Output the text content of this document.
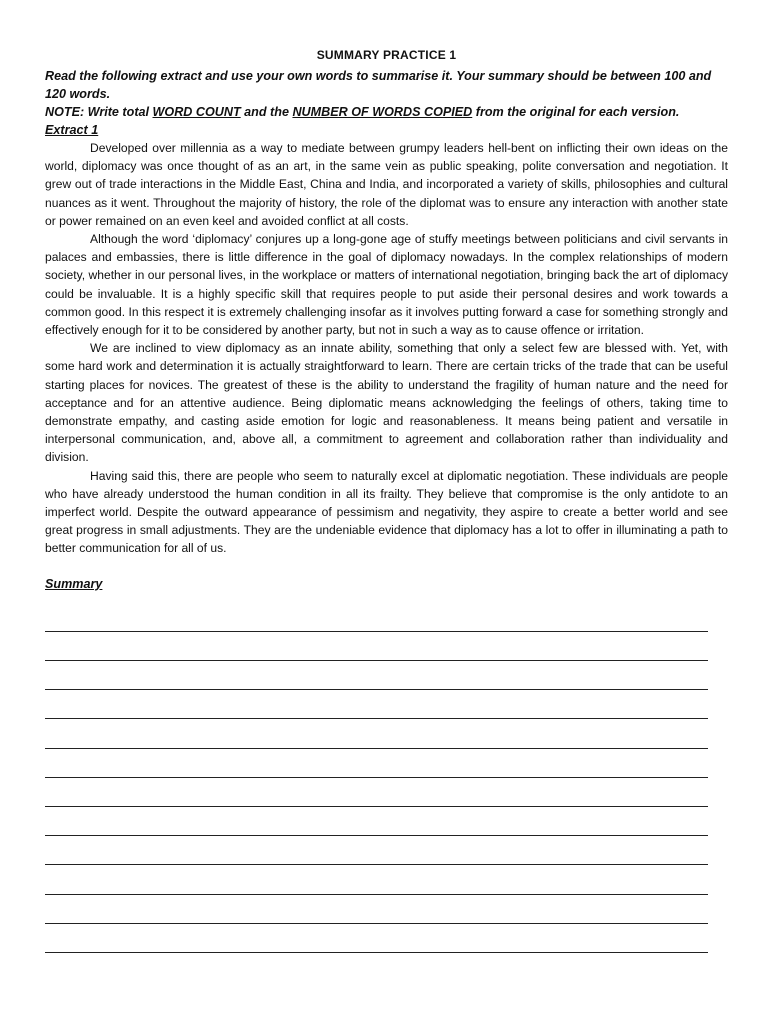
SUMMARY PRACTICE 1

Read the following extract and use your own words to summarise it. Your summary should be between 100 and 120 words.

NOTE: Write total WORD COUNT and the NUMBER OF WORDS COPIED from the original for each version.

Extract 1

Developed over millennia as a way to mediate between grumpy leaders hell-bent on inflicting their own ideas on the world, diplomacy was once thought of as an art, in the same vein as public speaking, polite conversation and negotiation. It grew out of trade interactions in the Middle East, China and India, and incorporated a variety of skills, philosophies and cultural nuances as it went. Throughout the majority of history, the role of the diplomat was to ensure any interaction with another state or power remained on an even keel and avoided conflict at all costs.

Although the word ‘diplomacy’ conjures up a long-gone age of stuffy meetings between politicians and civil servants in palaces and embassies, there is little difference in the goal of diplomacy nowadays. In the complex relationships of modern society, whether in our personal lives, in the workplace or matters of international negotiation, bringing back the art of diplomacy could be invaluable. It is a highly specific skill that requires people to put aside their personal desires and work towards a common good. In this respect it is extremely challenging insofar as it involves putting forward a case for something strongly and effectively enough for it to be considered by another party, but not in such a way as to cause offence or irritation.

We are inclined to view diplomacy as an innate ability, something that only a select few are blessed with. Yet, with some hard work and determination it is actually straightforward to learn. There are certain tricks of the trade that can be useful starting places for novices. The greatest of these is the ability to understand the fragility of human nature and the need for acceptance and for an attentive audience. Being diplomatic means acknowledging the feelings of others, taking time to demonstrate empathy, and casting aside emotion for logic and reasonableness. It means being patient and versatile in interpersonal communication, and, above all, a commitment to agreement and collaboration rather than individuality and division.

Having said this, there are people who seem to naturally excel at diplomatic negotiation. These individuals are people who have already understood the human condition in all its frailty. They believe that compromise is the only antidote to an imperfect world. Despite the outward appearance of pessimism and negativity, they aspire to create a better world and see great progress in small adjustments. They are the undeniable evidence that diplomacy has a lot to offer in illuminating a path to better communication for all of us.

Summary
